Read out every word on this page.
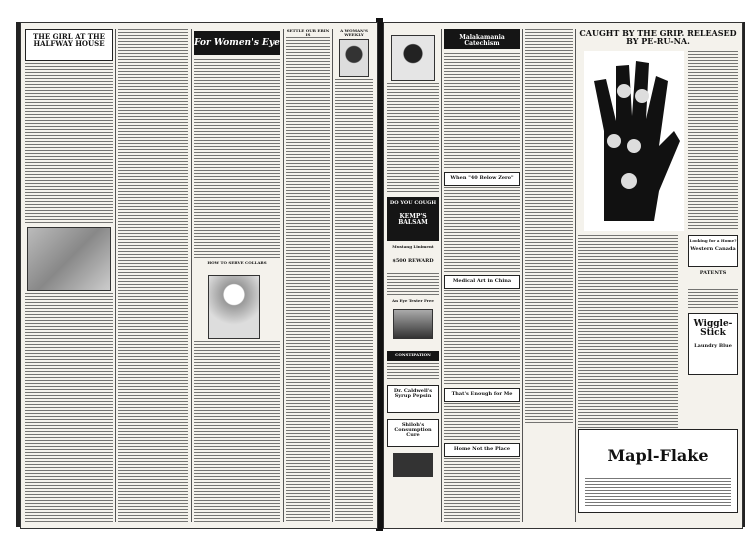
THE GIRL AT THE HALFWAY HOUSE	For Women's Eye
HOW TO SERVE COLLARS
SETTLE OUR ERIN IS
A WOMAN'S WEEKLY
DO YOU COUGH
KEMP'S BALSAM
Mustang Liniment
$500 REWARD
An Eye Tester Free
CONSTIPATION
Dr. Caldwell's Syrup Pepsin
Shiloh's Consumption Cure
Malakamania Catechism
When "40 Below Zero"
Medical Art in China
That's Enough for Me
Home Not the Place
CAUGHT BY THE GRIP. RELEASED BY PE-RU-NA.
Looking for a Home?
Western Canada
PATENTS
Wiggle-Stick
Laundry Blue
Mapl-Flake
